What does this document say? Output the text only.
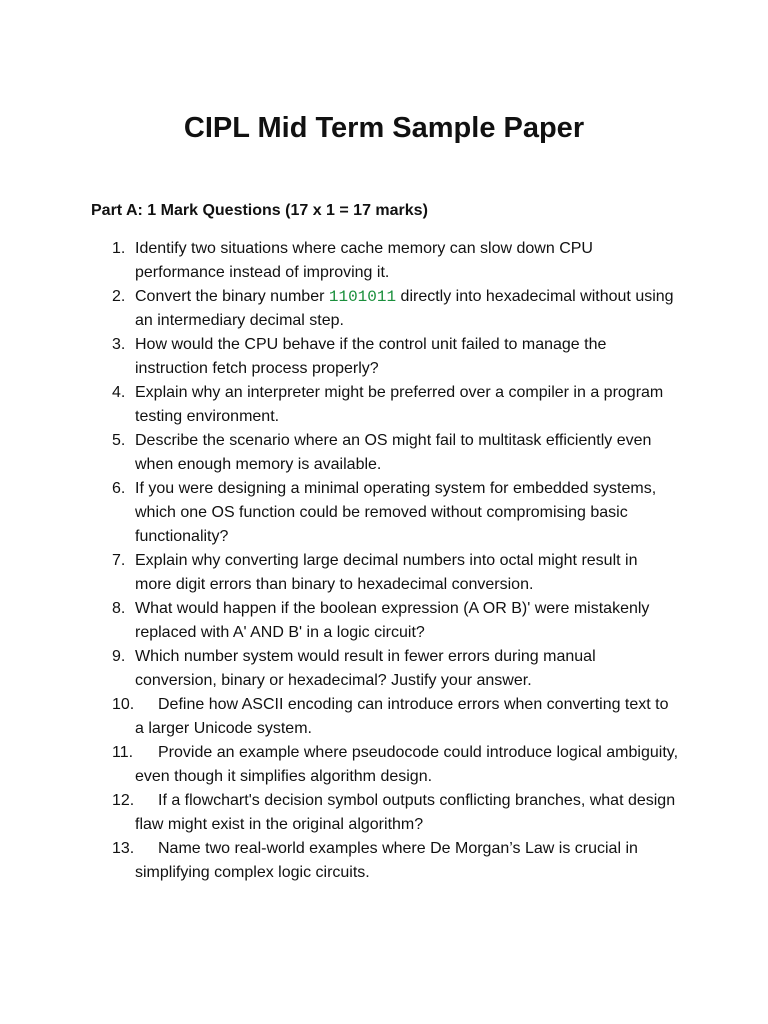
CIPL Mid Term Sample Paper
Part A: 1 Mark Questions (17 x 1 = 17 marks)
1. Identify two situations where cache memory can slow down CPU performance instead of improving it.
2. Convert the binary number 1101011 directly into hexadecimal without using an intermediary decimal step.
3. How would the CPU behave if the control unit failed to manage the instruction fetch process properly?
4. Explain why an interpreter might be preferred over a compiler in a program testing environment.
5. Describe the scenario where an OS might fail to multitask efficiently even when enough memory is available.
6. If you were designing a minimal operating system for embedded systems, which one OS function could be removed without compromising basic functionality?
7. Explain why converting large decimal numbers into octal might result in more digit errors than binary to hexadecimal conversion.
8. What would happen if the boolean expression (A OR B)' were mistakenly replaced with A' AND B' in a logic circuit?
9. Which number system would result in fewer errors during manual conversion, binary or hexadecimal? Justify your answer.
10.	Define how ASCII encoding can introduce errors when converting text to a larger Unicode system.
11.	Provide an example where pseudocode could introduce logical ambiguity, even though it simplifies algorithm design.
12.	If a flowchart's decision symbol outputs conflicting branches, what design flaw might exist in the original algorithm?
13.	Name two real-world examples where De Morgan’s Law is crucial in simplifying complex logic circuits.
